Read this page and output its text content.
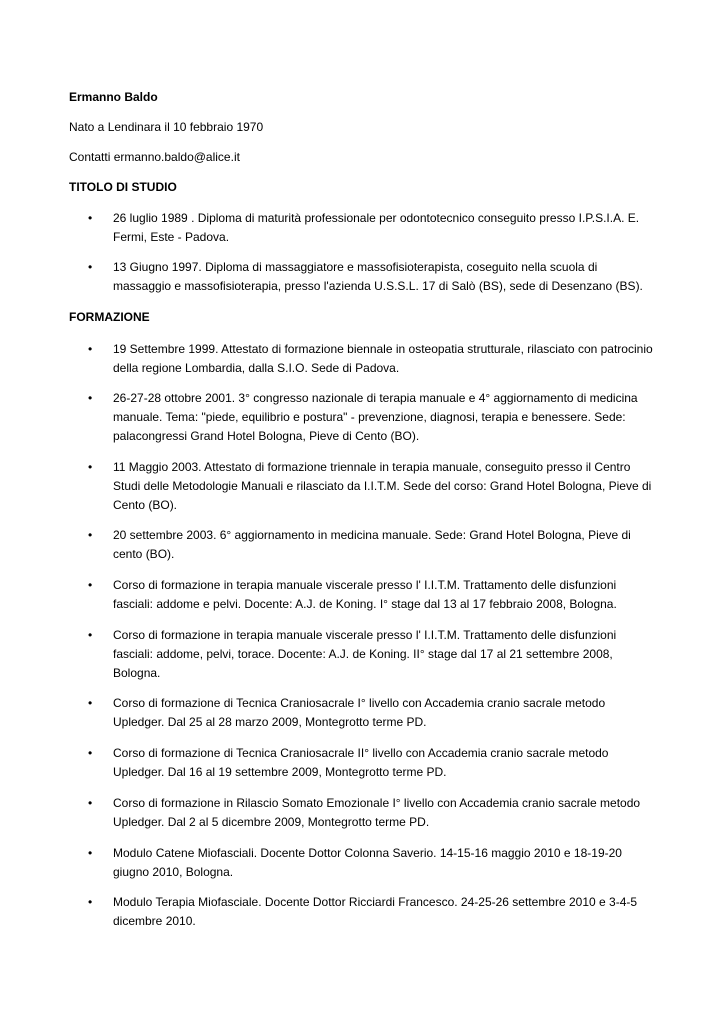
Ermanno Baldo
Nato a Lendinara il 10 febbraio 1970
Contatti ermanno.baldo@alice.it
TITOLO DI STUDIO
• 26 luglio 1989 . Diploma di maturità professionale per odontotecnico conseguito presso I.P.S.I.A. E. Fermi, Este - Padova.
• 13 Giugno 1997. Diploma di massaggiatore e massofisioterapista, coseguito nella scuola di massaggio e massofisioterapia, presso l'azienda U.S.S.L. 17 di Salò (BS), sede di Desenzano (BS).
FORMAZIONE
• 19 Settembre 1999. Attestato di formazione biennale in osteopatia strutturale, rilasciato con patrocinio della regione Lombardia, dalla S.I.O. Sede di Padova.
• 26-27-28 ottobre 2001. 3° congresso nazionale di terapia manuale e 4° aggiornamento di medicina manuale. Tema: "piede, equilibrio e postura" - prevenzione, diagnosi, terapia e benessere. Sede: palacongressi Grand Hotel Bologna, Pieve di Cento (BO).
• 11 Maggio 2003. Attestato di formazione triennale in terapia manuale, conseguito presso il Centro Studi delle Metodologie Manuali e rilasciato da I.I.T.M. Sede del corso: Grand Hotel Bologna, Pieve di Cento (BO).
• 20 settembre 2003. 6° aggiornamento in medicina manuale. Sede: Grand Hotel Bologna, Pieve di cento (BO).
• Corso di formazione in terapia manuale viscerale presso l' I.I.T.M. Trattamento delle disfunzioni fasciali: addome e pelvi. Docente: A.J. de Koning. I° stage dal 13 al 17 febbraio 2008, Bologna.
• Corso di formazione in terapia manuale viscerale presso l' I.I.T.M. Trattamento delle disfunzioni fasciali: addome, pelvi, torace. Docente: A.J. de Koning. II° stage dal 17 al 21 settembre 2008, Bologna.
• Corso di formazione di Tecnica Craniosacrale I° livello con Accademia cranio sacrale metodo Upledger. Dal 25 al 28 marzo 2009, Montegrotto terme PD.
• Corso di formazione di Tecnica Craniosacrale II° livello con Accademia cranio sacrale metodo Upledger. Dal 16 al 19 settembre 2009, Montegrotto terme PD.
• Corso di formazione in Rilascio Somato Emozionale I° livello con Accademia cranio sacrale metodo Upledger. Dal 2 al 5 dicembre 2009, Montegrotto terme PD.
• Modulo Catene Miofasciali. Docente Dottor Colonna Saverio. 14-15-16 maggio 2010 e 18-19-20 giugno 2010, Bologna.
• Modulo Terapia Miofasciale. Docente Dottor Ricciardi Francesco. 24-25-26 settembre 2010 e 3-4-5 dicembre 2010.
